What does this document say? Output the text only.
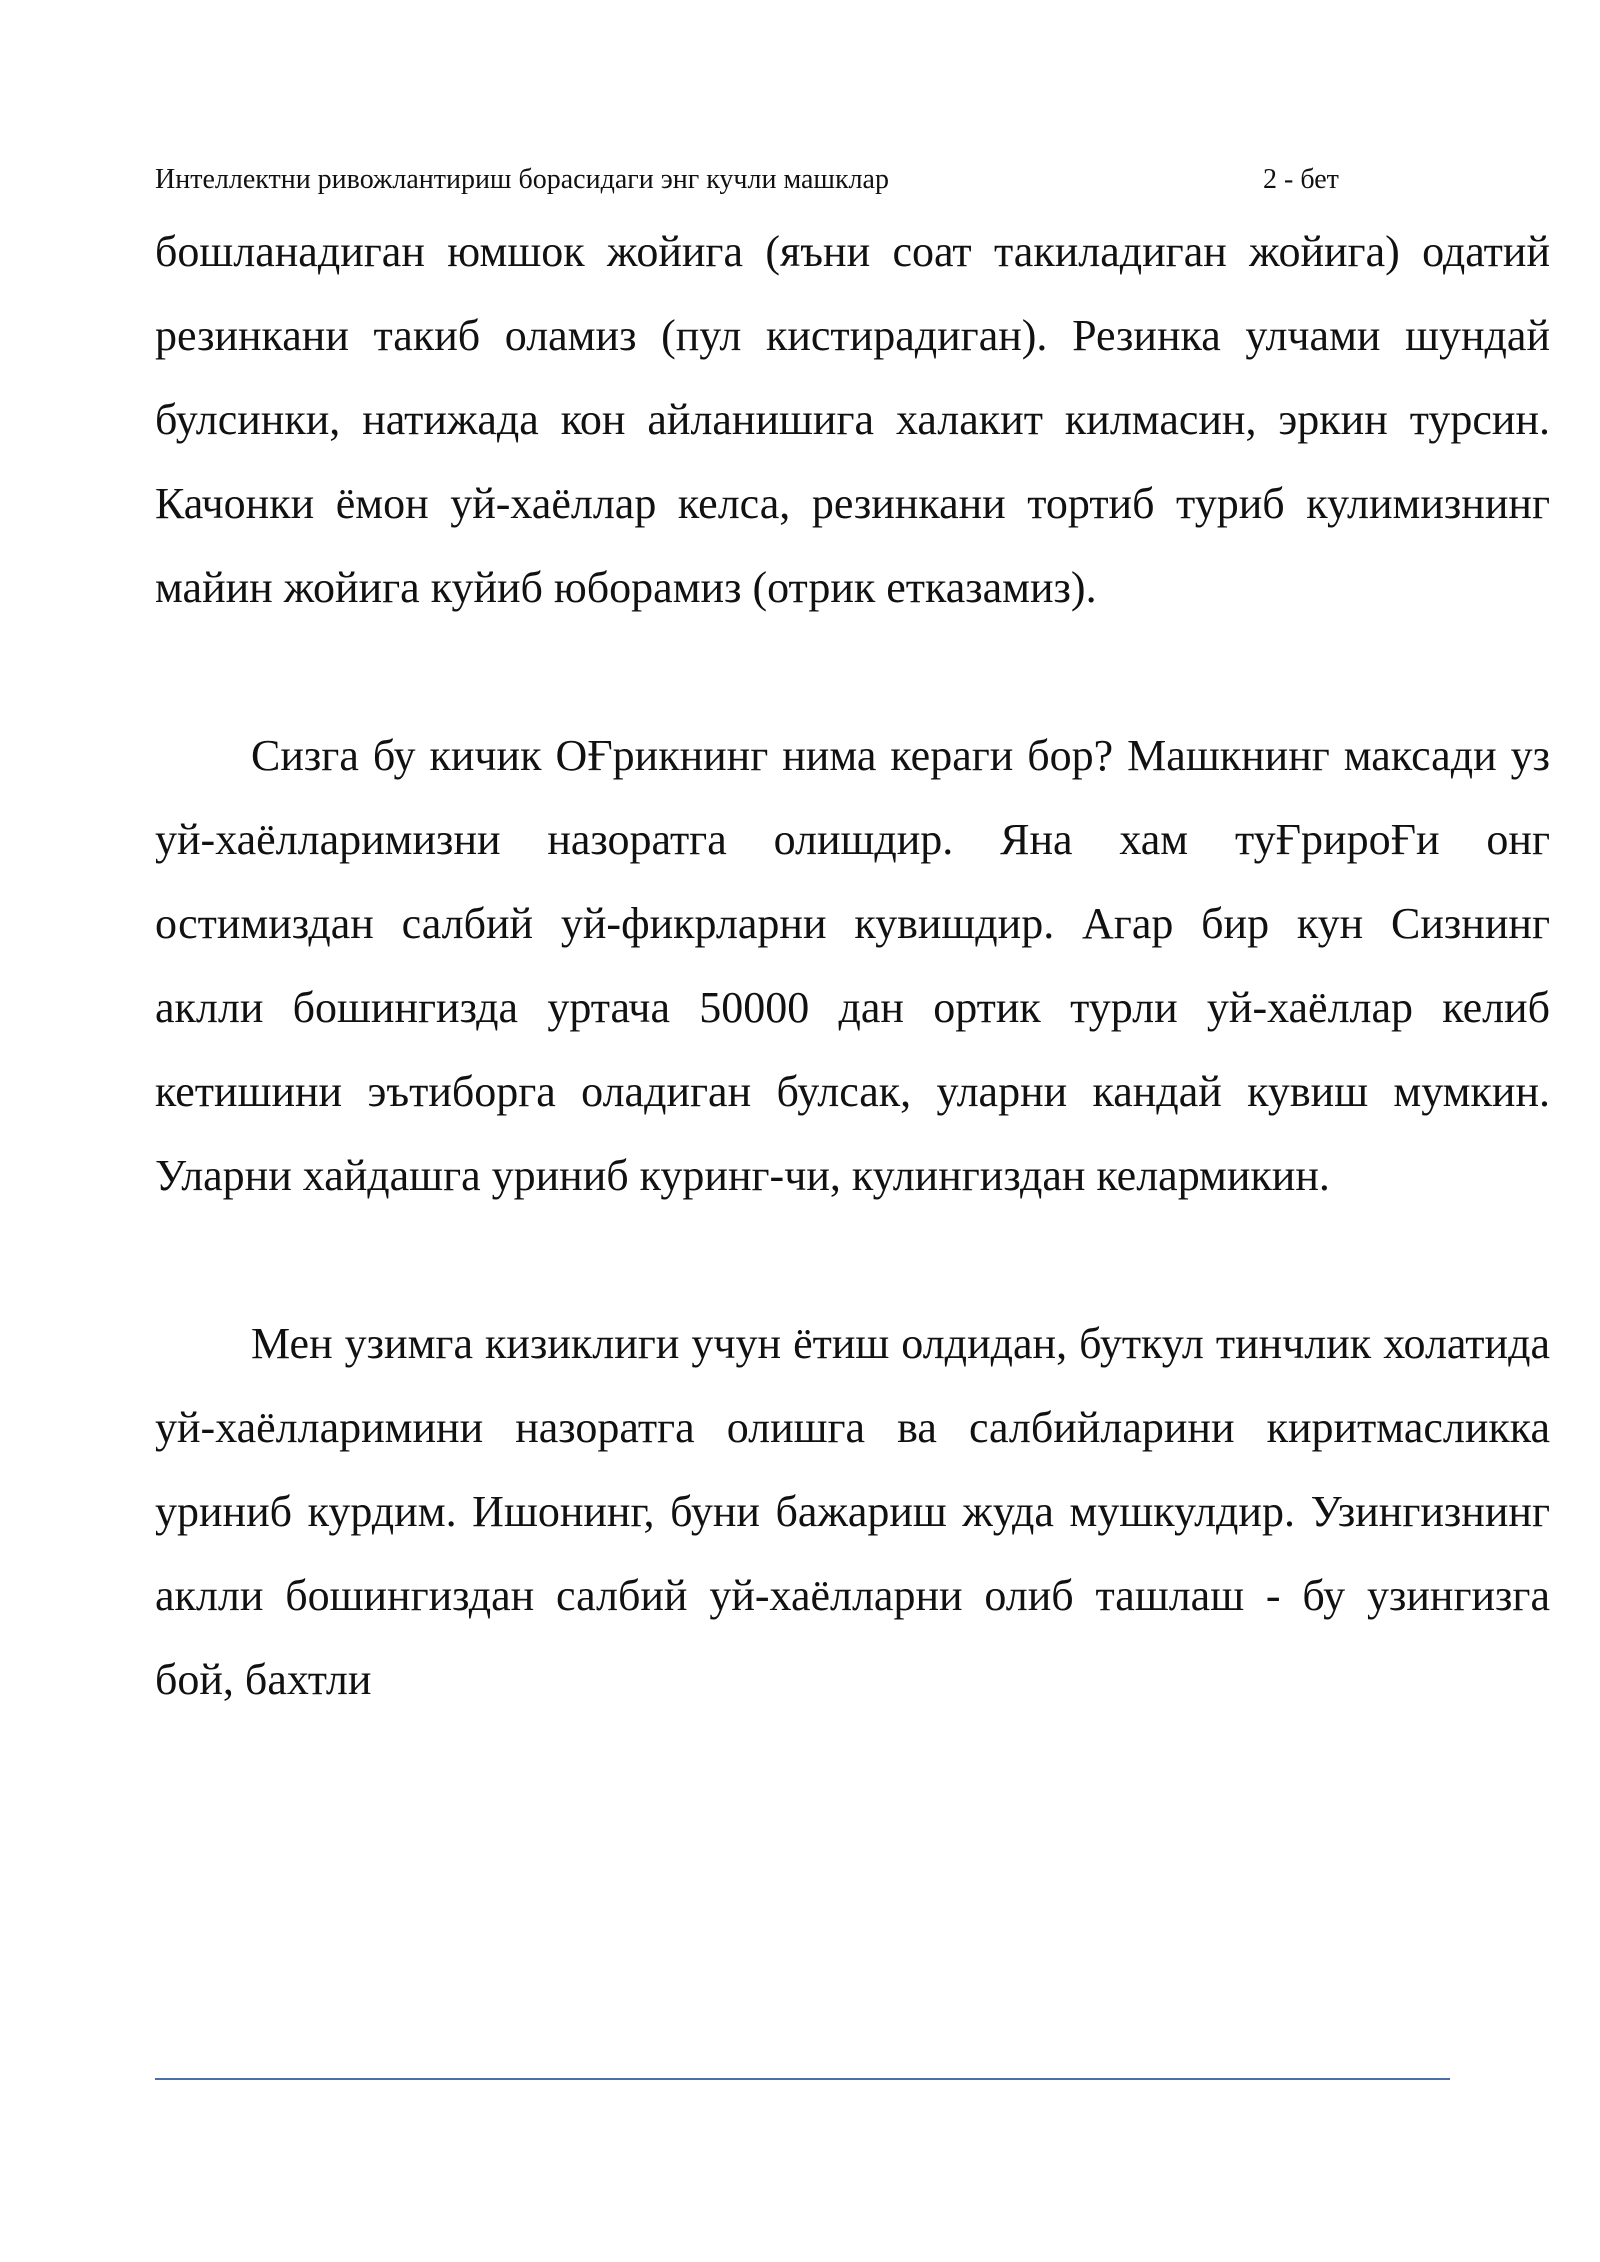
Интеллектни ривожлантириш борасидаги энг кучли машклар	2 - бет

бошланадиган юмшок жойига (яъни соат такиладиган жойига) одатий резинкани такиб оламиз (пул кистирадиган). Резинка улчами шундай булсинки, натижада кон айланишига халакит килмасин, эркин турсин. Качонки ёмон уй-хаёллар келса, резинкани тортиб туриб кулимизнинг майин жойига куйиб юборамиз (отрик етказамиз).

Сизга бу кичик ОҒрикнинг нима кераги бор? Машкнинг максади уз уй-хаёлларимизни назоратга олишдир. Яна хам туҒрироҒи онг остимиздан салбий уй-фикрларни кувишдир. Агар бир кун Сизнинг аклли бошингизда уртача 50000 дан ортик турли уй-хаёллар келиб кетишини эътиборга оладиган булсак, уларни кандай кувиш мумкин. Уларни хайдашга уриниб куринг-чи, кулингиздан келармикин.

Мен узимга кизиклиги учун ётиш олдидан, буткул тинчлик холатида уй-хаёлларимини назоратга олишга ва салбийларини киритмасликка уриниб курдим. Ишонинг, буни бажариш жуда мушкулдир. Узингизнинг аклли бошингиздан салбий уй-хаёлларни олиб ташлаш - бу узингизга бой, бахтли
